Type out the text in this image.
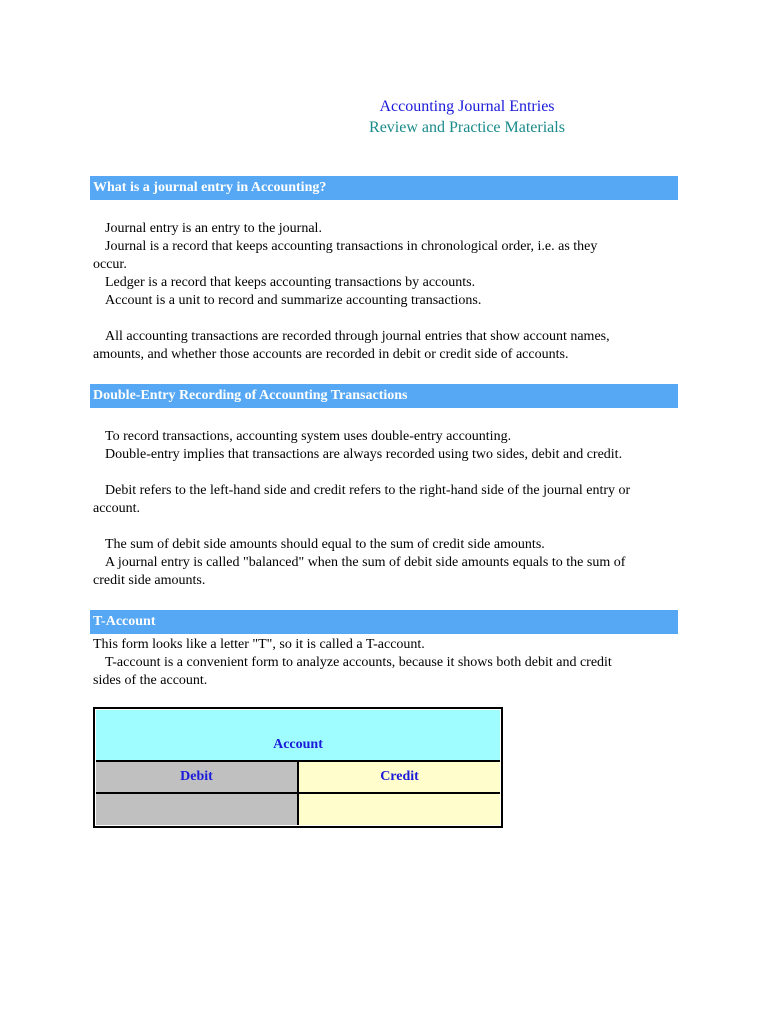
Accounting Journal Entries
Review and Practice Materials
What is a journal entry in Accounting?
Journal entry is an entry to the journal.
Journal is a record that keeps accounting transactions in chronological order, i.e. as they
occur.
Ledger is a record that keeps accounting transactions by accounts.
Account is a unit to record and summarize accounting transactions.

All accounting transactions are recorded through journal entries that show account names,
amounts, and whether those accounts are recorded in debit or credit side of accounts.
Double-Entry Recording of Accounting Transactions
To record transactions, accounting system uses double-entry accounting.
Double-entry implies that transactions are always recorded using two sides, debit and credit.

Debit refers to the left-hand side and credit refers to the right-hand side of the journal entry or
account.

The sum of debit side amounts should equal to the sum of credit side amounts.
A journal entry is called "balanced" when the sum of debit side amounts equals to the sum of
credit side amounts.
T-Account
This form looks like a letter "T", so it is called a T-account.
T-account is a convenient form to analyze accounts, because it shows both debit and credit
sides of the account.
Account
Debit	Credit
